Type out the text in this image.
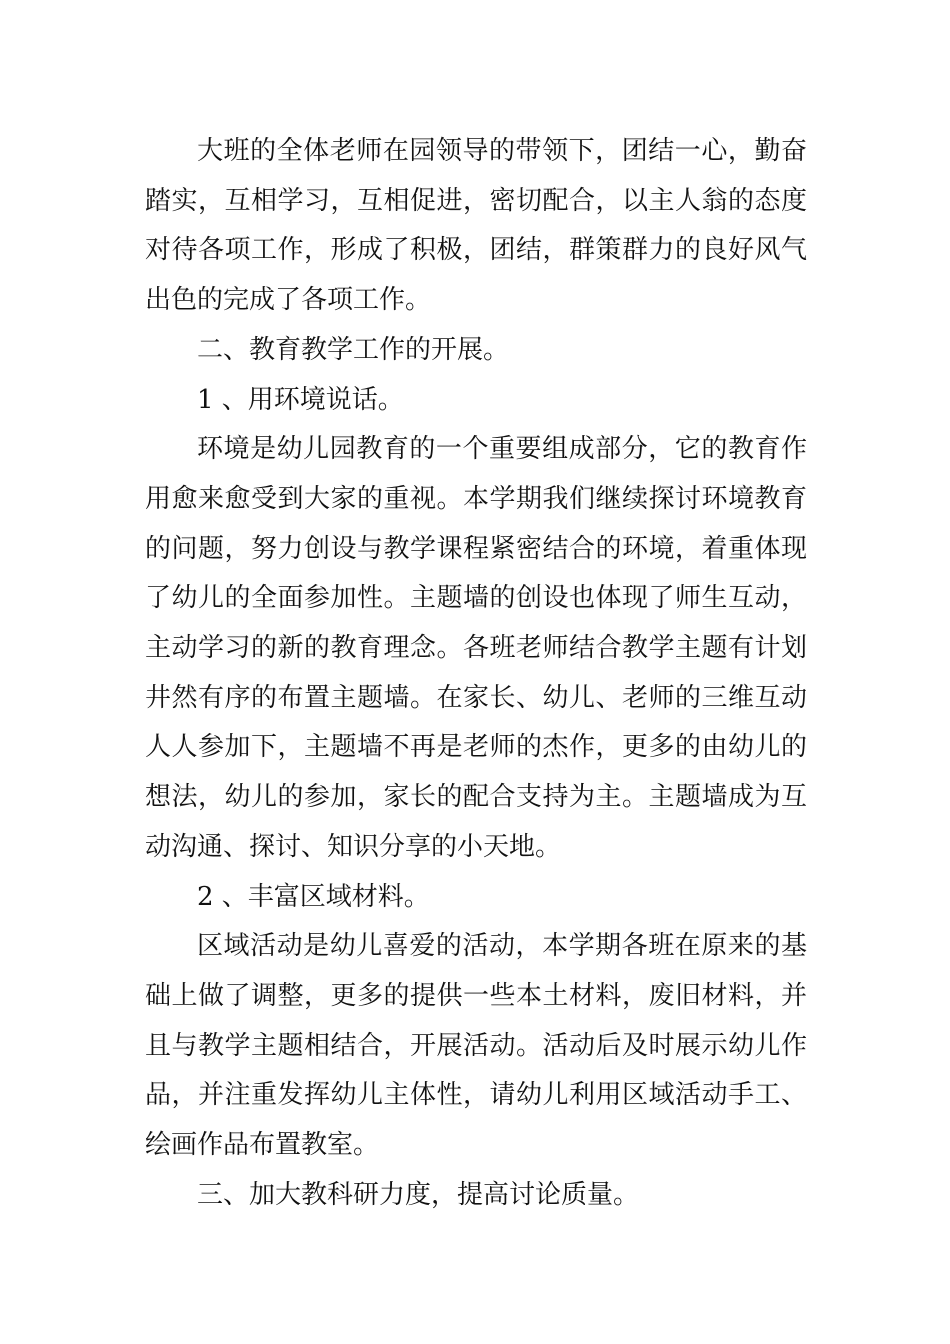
大班的全体老师在园领导的带领下，团结一心，勤奋踏实，互相学习，互相促进，密切配合，以主人翁的态度对待各项工作，形成了积极，团结，群策群力的良好风气出色的完成了各项工作。

二、教育教学工作的开展。

1 、用环境说话。

环境是幼儿园教育的一个重要组成部分，它的教育作用愈来愈受到大家的重视。本学期我们继续探讨环境教育的问题，努力创设与教学课程紧密结合的环境，着重体现了幼儿的全面参加性。主题墙的创设也体现了师生互动，主动学习的新的教育理念。各班老师结合教学主题有计划井然有序的布置主题墙。在家长、幼儿、老师的三维互动人人参加下，主题墙不再是老师的杰作，更多的由幼儿的想法，幼儿的参加，家长的配合支持为主。主题墙成为互动沟通、探讨、知识分享的小天地。

2 、丰富区域材料。

区域活动是幼儿喜爱的活动，本学期各班在原来的基础上做了调整，更多的提供一些本土材料，废旧材料，并且与教学主题相结合，开展活动。活动后及时展示幼儿作品，并注重发挥幼儿主体性，请幼儿利用区域活动手工、绘画作品布置教室。

三、加大教科研力度，提高讨论质量。
